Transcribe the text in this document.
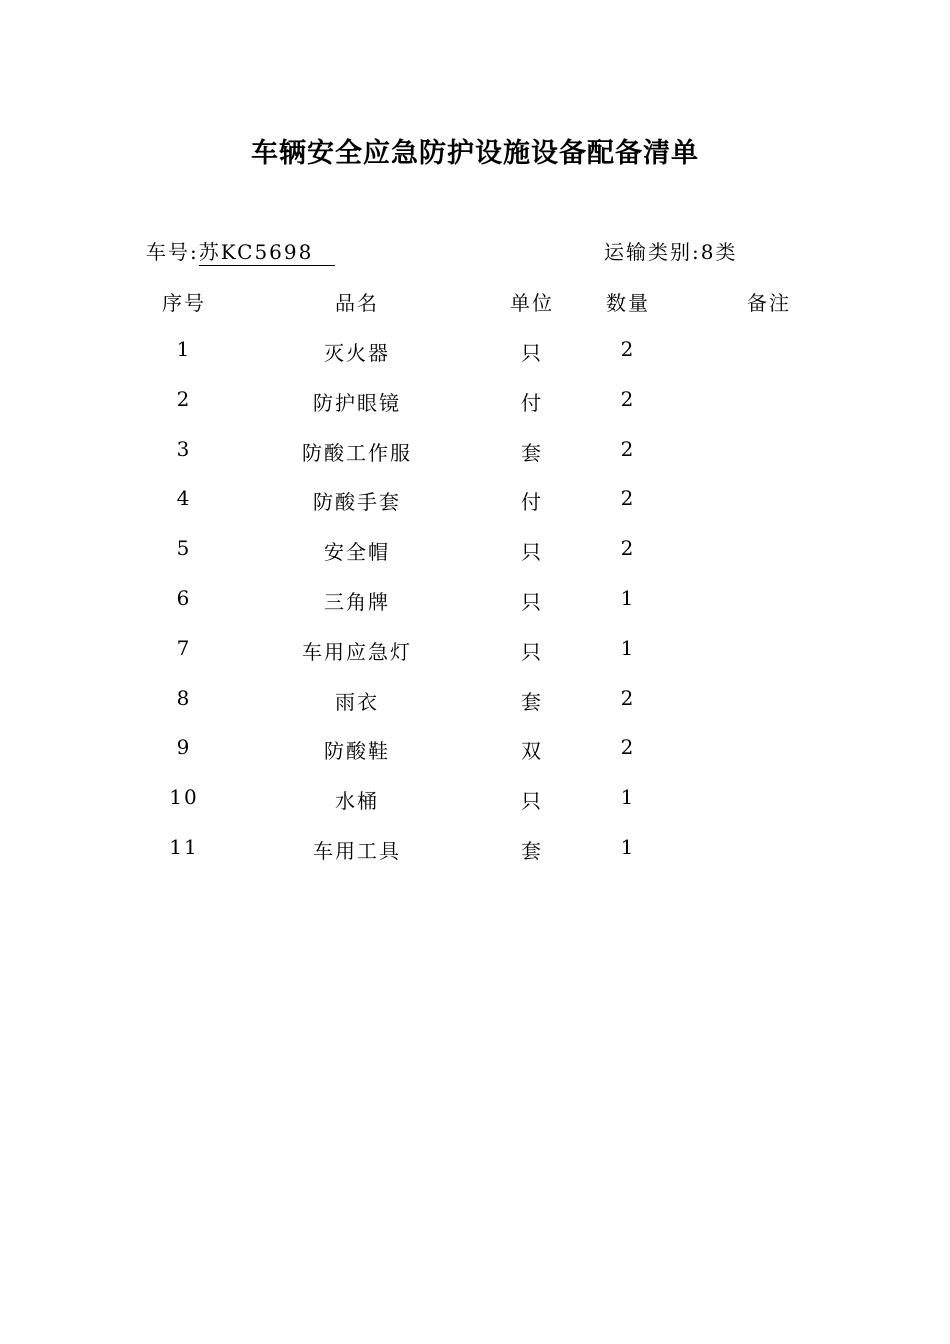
车辆安全应急防护设施设备配备清单
车号:苏KC5698	运输类别:8类
序号	品名	单位	数量	备注
1	灭火器	只	2
2	防护眼镜	付	2
3	防酸工作服	套	2
4	防酸手套	付	2
5	安全帽	只	2
6	三角牌	只	1
7	车用应急灯	只	1
8	雨衣	套	2
9	防酸鞋	双	2
10	水桶	只	1
11	车用工具	套	1
